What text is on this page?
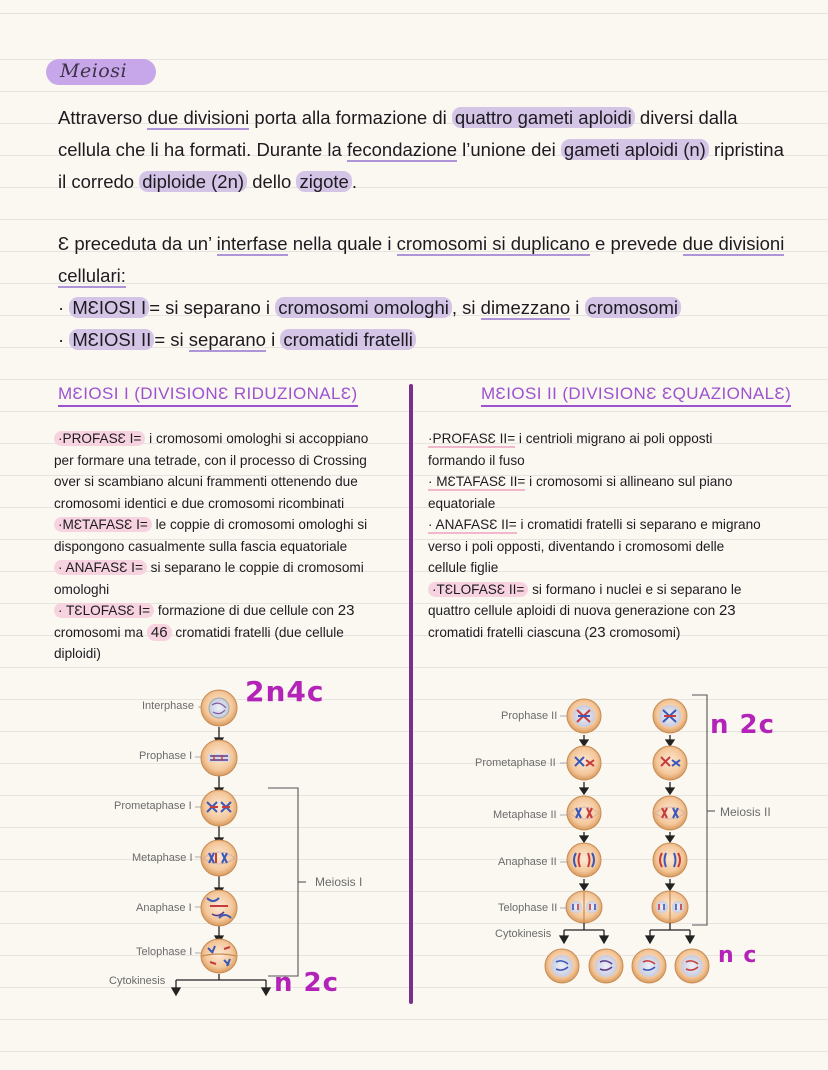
Meiosi
Attraverso due divisioni porta alla formazione di quattro gameti aploidi diversi dalla
cellula che li ha formati. Durante la fecondazione l’unione dei gameti aploidi (n) ripristina
il corredo diploide (2n) dello zigote .
Ɛ preceduta da un’ interfase nella quale i cromosomi si duplicano e prevede due divisioni
cellulari:
· MƐIOSI I = si separano i cromosomi omologhi , si dimezzano i cromosomi
· MƐIOSI II = si separano i cromatidi fratelli
MƐIOSI I (DIVISIONƐ RIDUZIONALƐ)	MƐIOSI II (DIVISIONƐ ƐQUAZIONALƐ)
·PROFASƐ I= i cromosomi omologhi si accoppiano
per formare una tetrade, con il processo di Crossing
over si scambiano alcuni frammenti ottenendo due
cromosomi identici e due cromosomi ricombinati
·MƐTAFASƐ I= le coppie di cromosomi omologhi si
dispongono casualmente sulla fascia equatoriale
· ANAFASƐ I= si separano le coppie di cromosomi
omologhi
· TƐLOFASƐ I= formazione di due cellule con 23
cromosomi ma 46 cromatidi fratelli (due cellule
diploidi)
·PROFASƐ II= i centrioli migrano ai poli opposti
formando il fuso
· MƐTAFASƐ II= i cromosomi si allineano sul piano
equatoriale
· ANAFASƐ II= i cromatidi fratelli si separano e migrano
verso i poli opposti, diventando i cromosomi delle
cellule figlie
·TƐLOFASƐ II= si formano i nuclei e si separano le
quattro cellule aploidi di nuova generazione con 23
cromatidi fratelli ciascuna (23 cromosomi)
Interphase
Prophase I
Prometaphase I
Metaphase I
Anaphase I
Telophase I
Cytokinesis
Meiosis I
2n4c
n 2c
Prophase II
Prometaphase II
Metaphase II
Anaphase II
Telophase II
Cytokinesis
Meiosis II
n 2c
n c
